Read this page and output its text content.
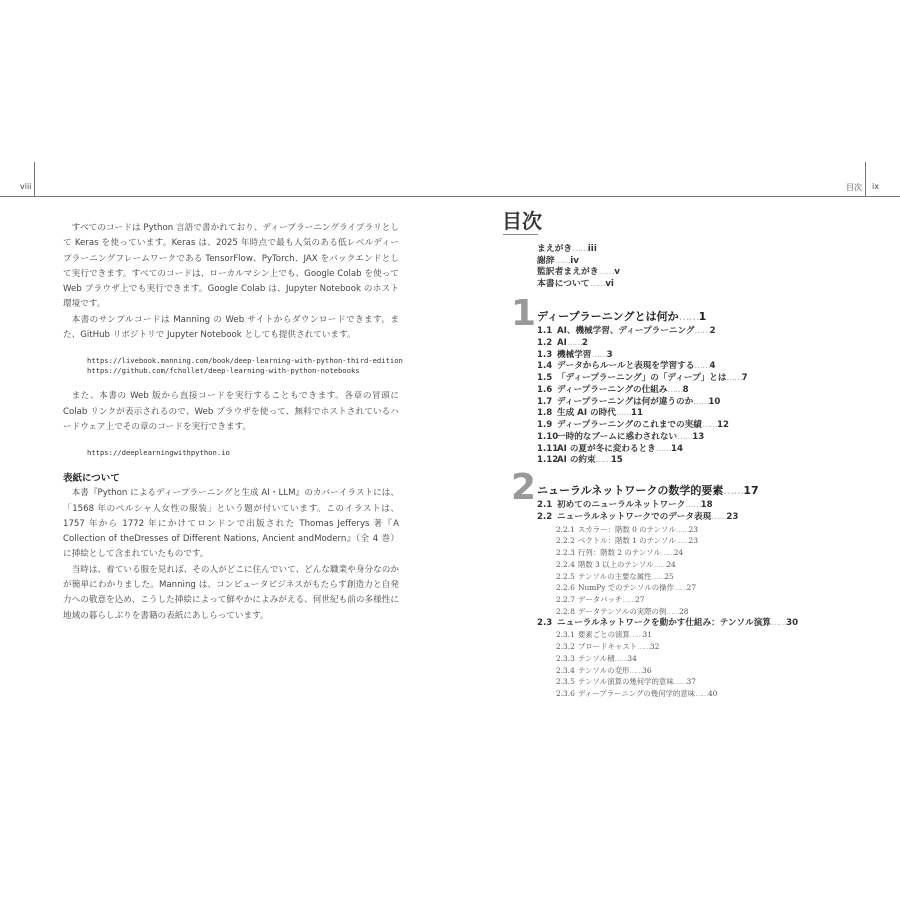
viii	目次 ix

すべてのコードは Python 言語で書かれており、ディープラーニングライブラリとして Keras を使っています。Keras は、2025 年時点で最も人気のある低レベルディープラーニングフレームワークである TensorFlow、PyTorch、JAX をバックエンドとして実行できます。すべてのコードは、ローカルマシン上でも、Google Colab を使って Web ブラウザ上でも実行できます。Google Colab は、Jupyter Notebook のホスト環境です。

本書のサンプルコードは Manning の Web サイトからダウンロードできます。また、GitHub リポジトリで Jupyter Notebook としても提供されています。

https://livebook.manning.com/book/deep-learning-with-python-third-edition
https://github.com/fchollet/deep-learning-with-python-notebooks

また、本書の Web 版から直接コードを実行することもできます。各章の冒頭に Colab リンクが表示されるので、Web ブラウザを使って、無料でホストされているハードウェア上でその章のコードを実行できます。

https://deeplearningwithpython.io
表紙について

本書『Python によるディープラーニングと生成 AI・LLM』のカバーイラストには、「1568 年のペルシャ人女性の服装」という題が付いています。このイラストは、1757 年から 1772 年にかけてロンドンで出版された Thomas Jefferys 著『A Collection of theDresses of Different Nations, Ancient andModern』（全 4 巻）に挿絵として含まれていたものです。

当時は、着ている服を見れば、その人がどこに住んでいて、どんな職業や身分なのかが簡単にわかりました。Manning は、コンピュータビジネスがもたらす創造力と自発力への敬意を込め、こうした挿絵によって鮮やかによみがえる、何世紀も前の多様性に地域の暮らしぶりを書籍の表紙にあしらっています。

目次
まえがき……iii
謝辞……iv
監訳者まえがき……v
本書について……vi
1 ディープラーニングとは何か……1
1.1 AI、機械学習、ディープラーニング……2
1.2 AI……2
1.3 機械学習……3
1.4 データからルールと表現を学習する……4
1.5 「ディープラーニング」の「ディープ」とは……7
1.6 ディープラーニングの仕組み……8
1.7 ディープラーニングは何が違うのか……10
1.8 生成 AI の時代……11
1.9 ディープラーニングのこれまでの実績……12
1.10一時的なブームに惑わされない……13
1.11AI の夏が冬に変わるとき……14
1.12AI の約束……15
2 ニューラルネットワークの数学的要素……17
2.1 初めてのニューラルネットワーク……18
2.2 ニューラルネットワークでのデータ表現……23
2.2.1 スカラー：階数 0 のテンソル……23
2.2.2 ベクトル：階数 1 のテンソル……23
2.2.3 行列：階数 2 のテンソル……24
2.2.4 階数 3 以上のテンソル……24
2.2.5 テンソルの主要な属性……25
2.2.6 NumPy でのテンソルの操作……27
2.2.7 データバッチ……27
2.2.8 データテンソルの実際の例……28
2.3 ニューラルネットワークを動かす仕組み：テンソル演算……30
2.3.1 要素ごとの演算……31
2.3.2 ブロードキャスト……32
2.3.3 テンソル積……34
2.3.4 テンソルの変形……36
2.3.5 テンソル演算の幾何学的意味……37
2.3.6 ディープラーニングの幾何学的意味……40
